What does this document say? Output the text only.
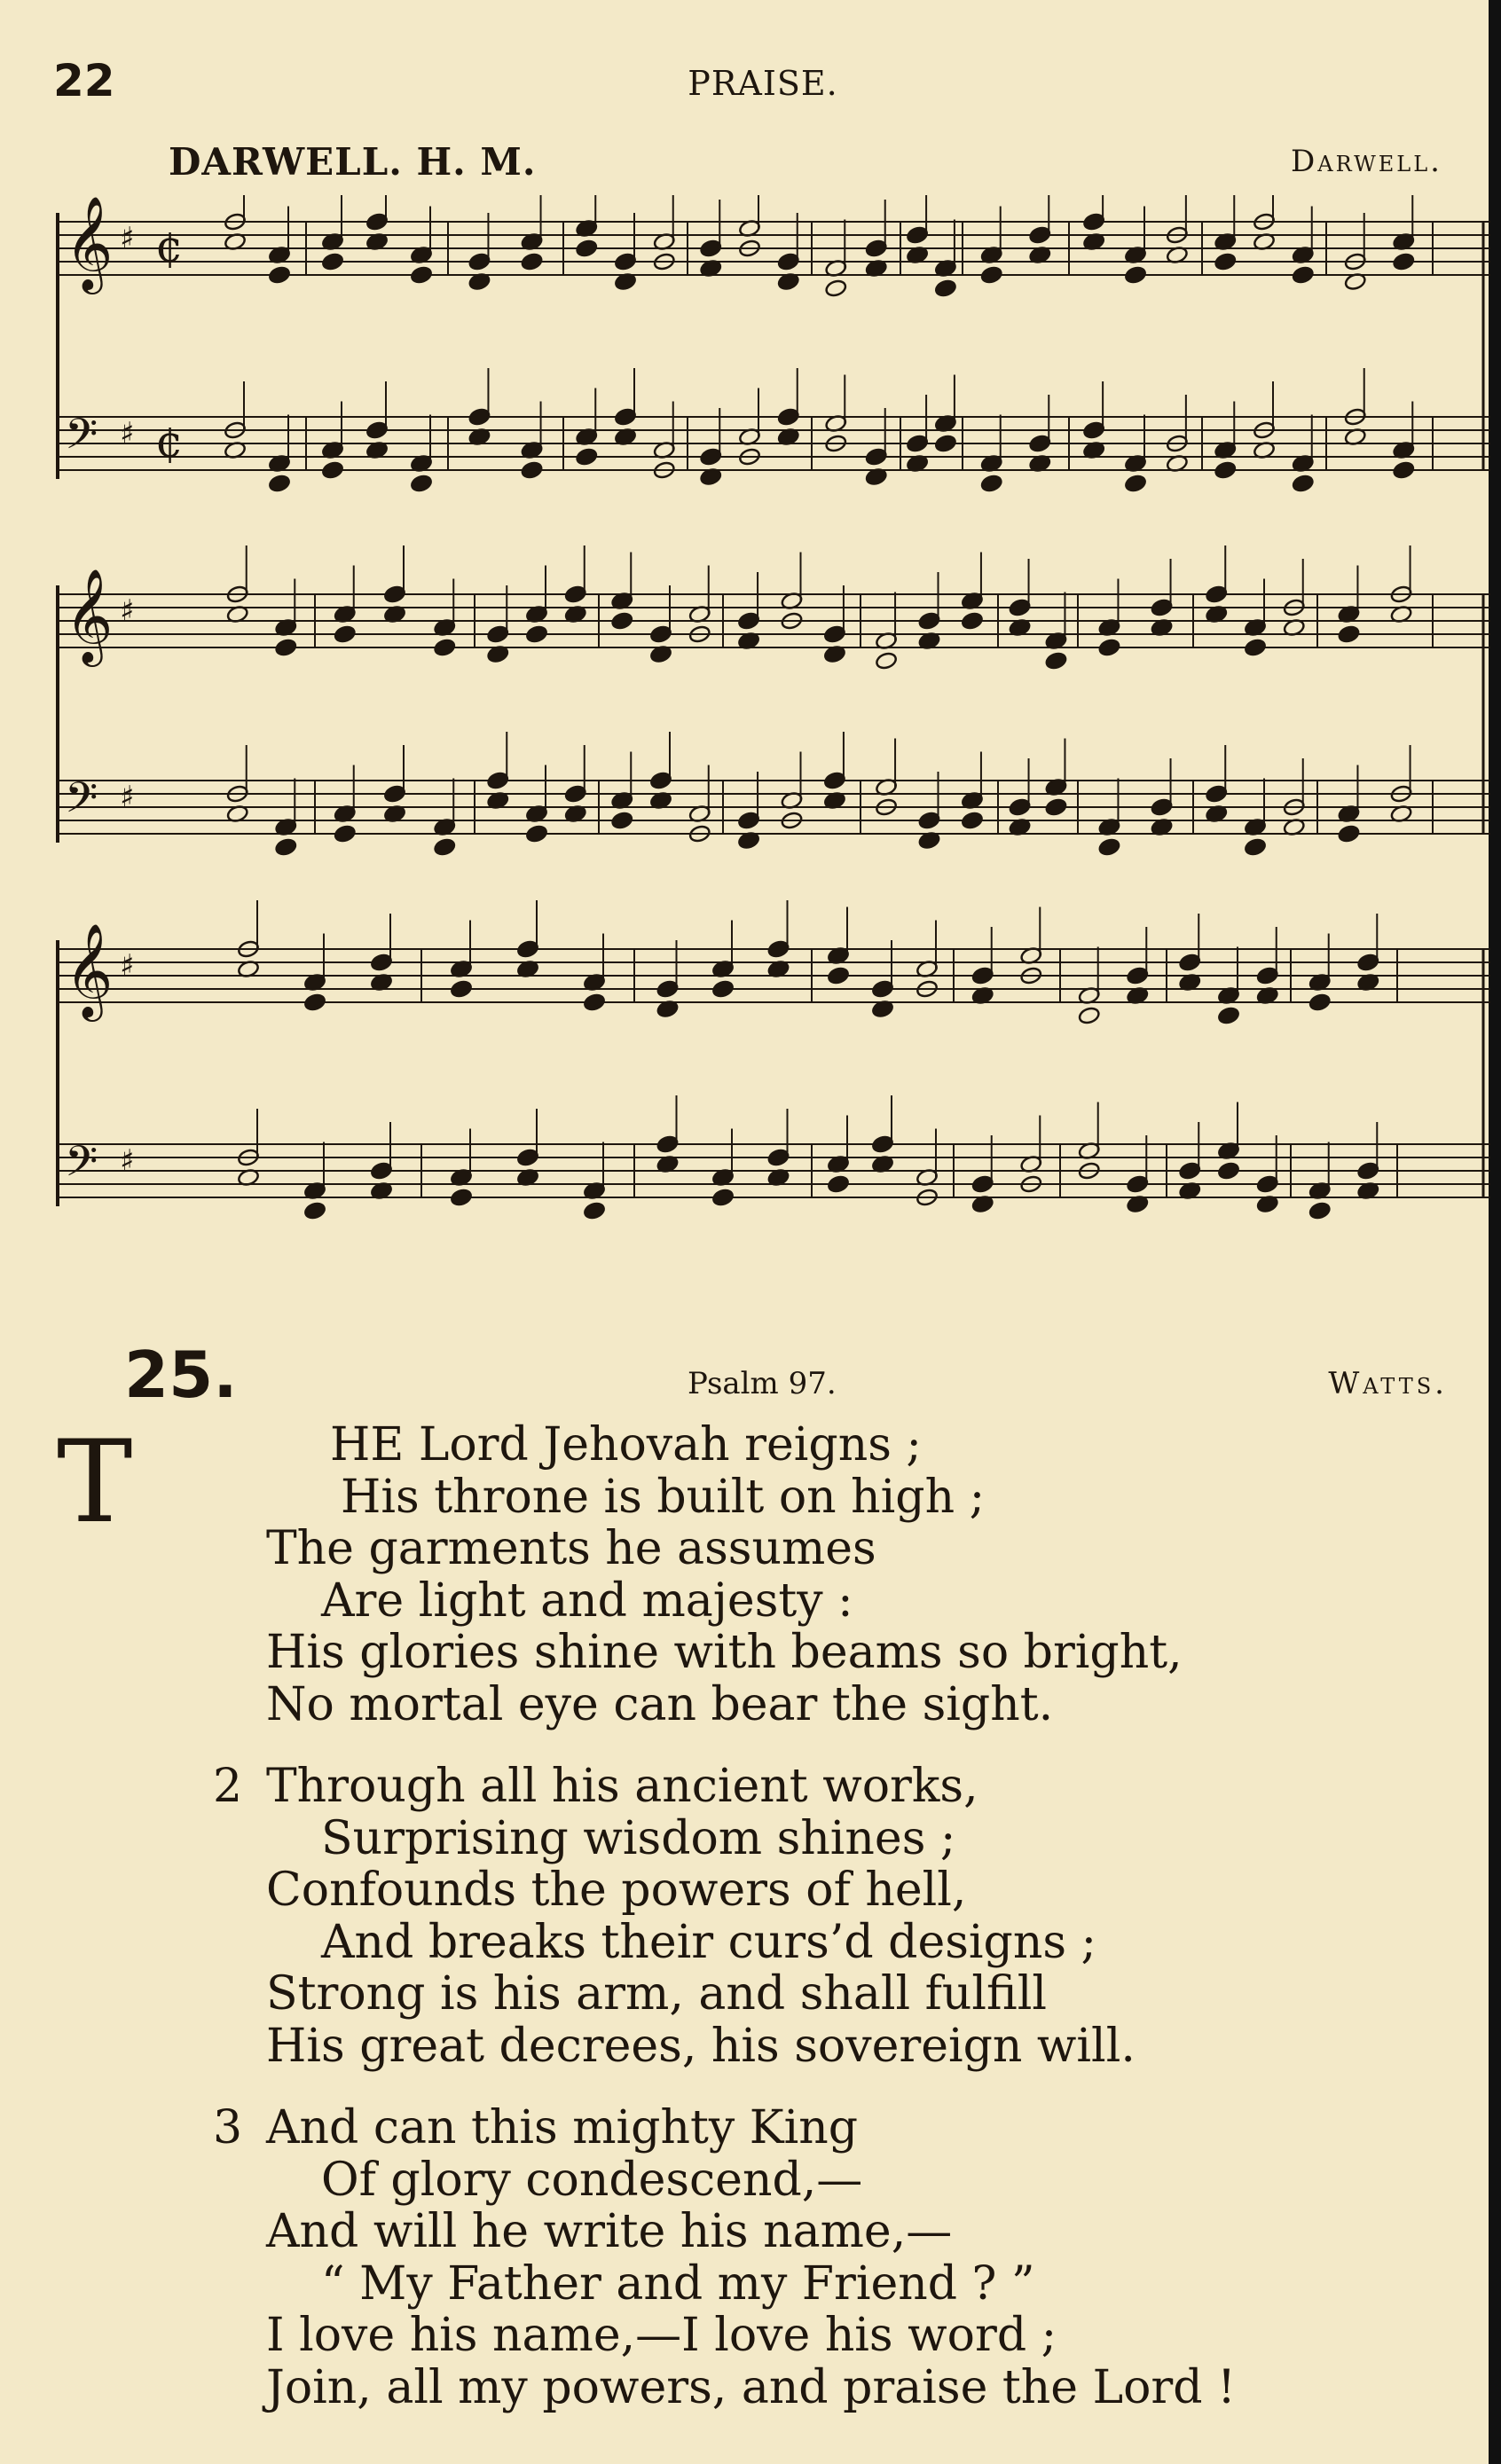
22	PRAISE.
DARWELL. H. M.	Darwell.
𝄞 ♯ ¢
𝄢 ♯ ¢
𝄞 ♯
𝄢 ♯
𝄞 ♯
𝄢 ♯
25.	Psalm 97.	Watts.
T	HE Lord Jehovah reigns ;
His throne is built on high ;
The garments he assumes
Are light and majesty :
His glories shine with beams so bright,
No mortal eye can bear the sight.
2 Through all his ancient works,
Surprising wisdom shines ;
Confounds the powers of hell,
And breaks their curs’d designs ;
Strong is his arm, and shall fulfill
His great decrees, his sovereign will.
3 And can this mighty King
Of glory condescend,—
And will he write his name,—
“ My Father and my Friend ? ”
I love his name,—I love his word ;
Join, all my powers, and praise the Lord !
